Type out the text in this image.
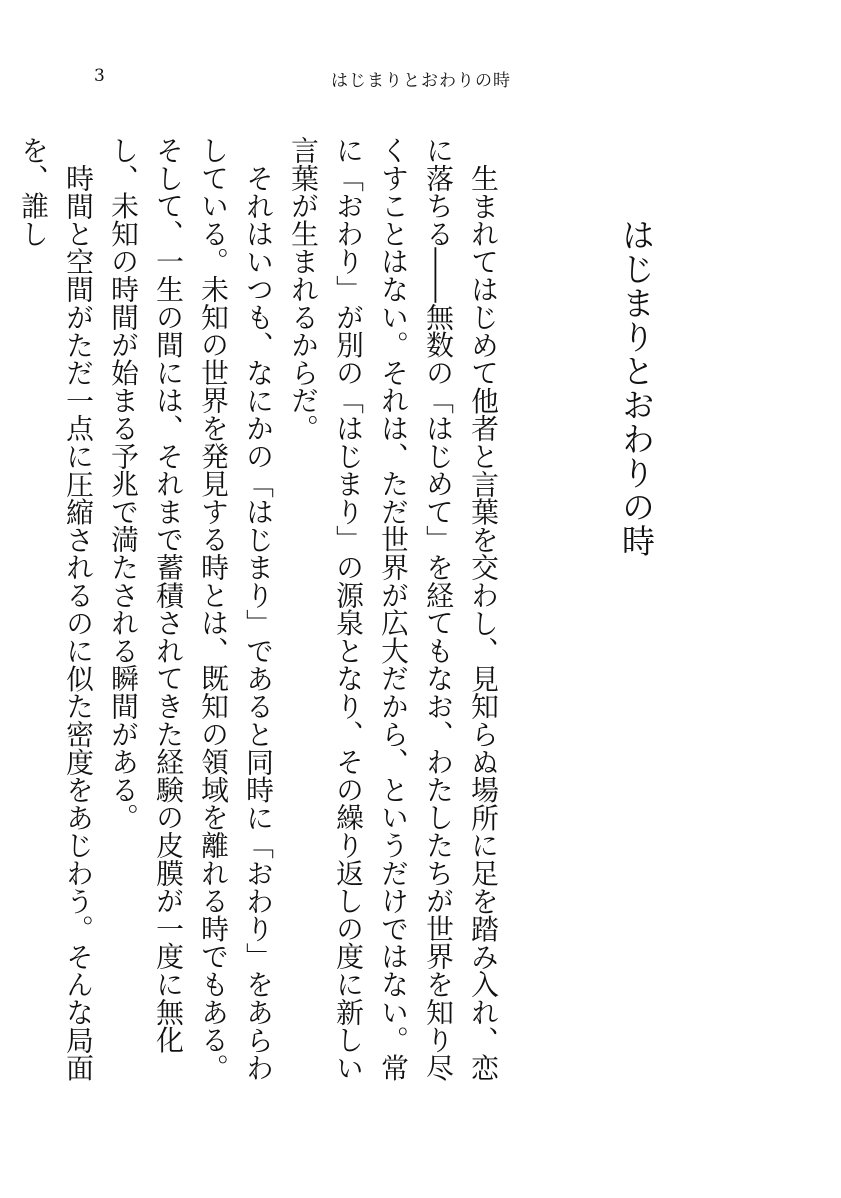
3	はじまりとおわりの時
はじまりとおわりの時

生まれてはじめて他者と言葉を交わし、見知らぬ場所に足を踏み入れ、恋に落ちる――無数の「はじめて」を経てもなお、わたしたちが世界を知り尽くすことはない。それは、ただ世界が広大だから、というだけではない。常に「おわり」が別の「はじまり」の源泉となり、その繰り返しの度に新しい言葉が生まれるからだ。

それはいつも、なにかの「はじまり」であると同時に「おわり」をあらわしている。未知の世界を発見する時とは、既知の領域を離れる時でもある。そして、一生の間には、それまで蓄積されてきた経験の皮膜が一度に無化し、未知の時間が始まる予兆で満たされる瞬間がある。

時間と空間がただ一点に圧縮されるのに似た密度をあじわう。そんな局面を、誰し
